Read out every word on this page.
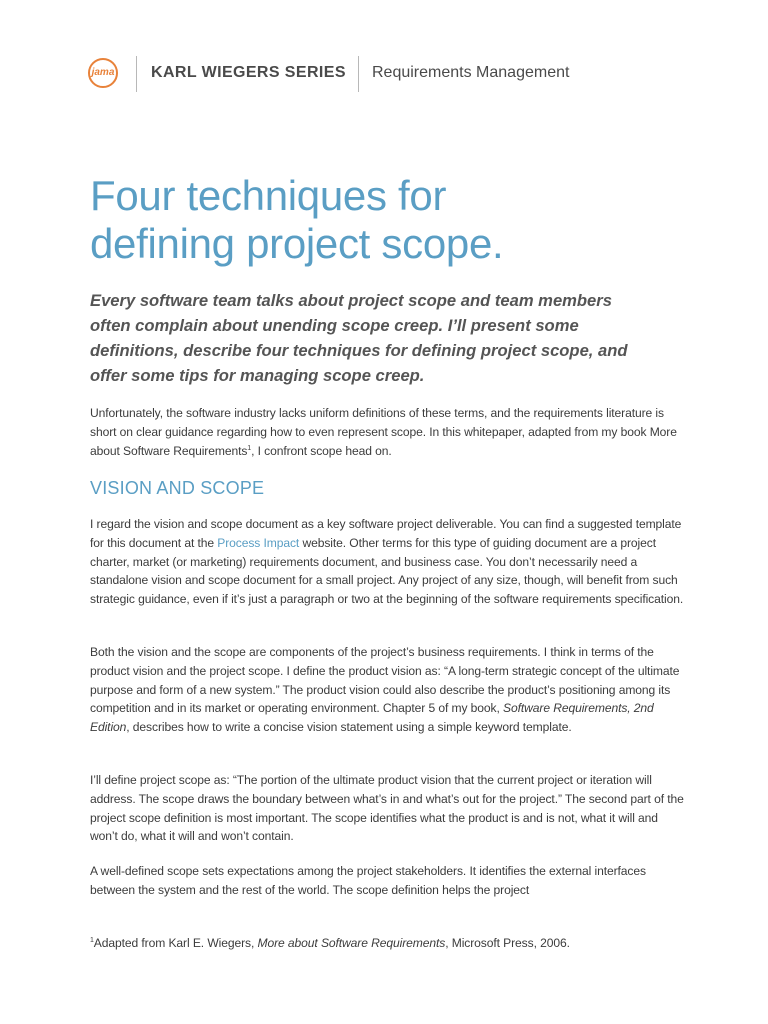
jama KARL WIEGERS SERIES Requirements Management
Four techniques for
defining project scope.

Every software team talks about project scope and team members often complain about unending scope creep. I’ll present some definitions, describe four techniques for defining project scope, and offer some tips for managing scope creep.

Unfortunately, the software industry lacks uniform definitions of these terms, and the requirements literature is short on clear guidance regarding how to even represent scope. In this whitepaper, adapted from my book More about Software Requirements$^1$, I confront scope head on.

VISION AND SCOPE

I regard the vision and scope document as a key software project deliverable. You can find a suggested template for this document at the Process Impact website. Other terms for this type of guiding document are a project charter, market (or marketing) requirements document, and business case. You don’t necessarily need a standalone vision and scope document for a small project. Any project of any size, though, will benefit from such strategic guidance, even if it’s just a paragraph or two at the beginning of the software requirements specification.

Both the vision and the scope are components of the project’s business requirements. I think in terms of the product vision and the project scope. I define the product vision as: “A long-term strategic concept of the ultimate purpose and form of a new system.” The product vision could also describe the product’s positioning among its competition and in its market or operating environment. Chapter 5 of my book, Software Requirements, 2nd Edition, describes how to write a concise vision statement using a simple keyword template.

I’ll define project scope as: “The portion of the ultimate product vision that the current project or iteration will address. The scope draws the boundary between what’s in and what’s out for the project.” The second part of the project scope definition is most important. The scope identifies what the product is and is not, what it will and won’t do, what it will and won’t contain.

A well-defined scope sets expectations among the project stakeholders. It identifies the external interfaces between the system and the rest of the world. The scope definition helps the project

$^1$Adapted from Karl E. Wiegers, More about Software Requirements, Microsoft Press, 2006.
